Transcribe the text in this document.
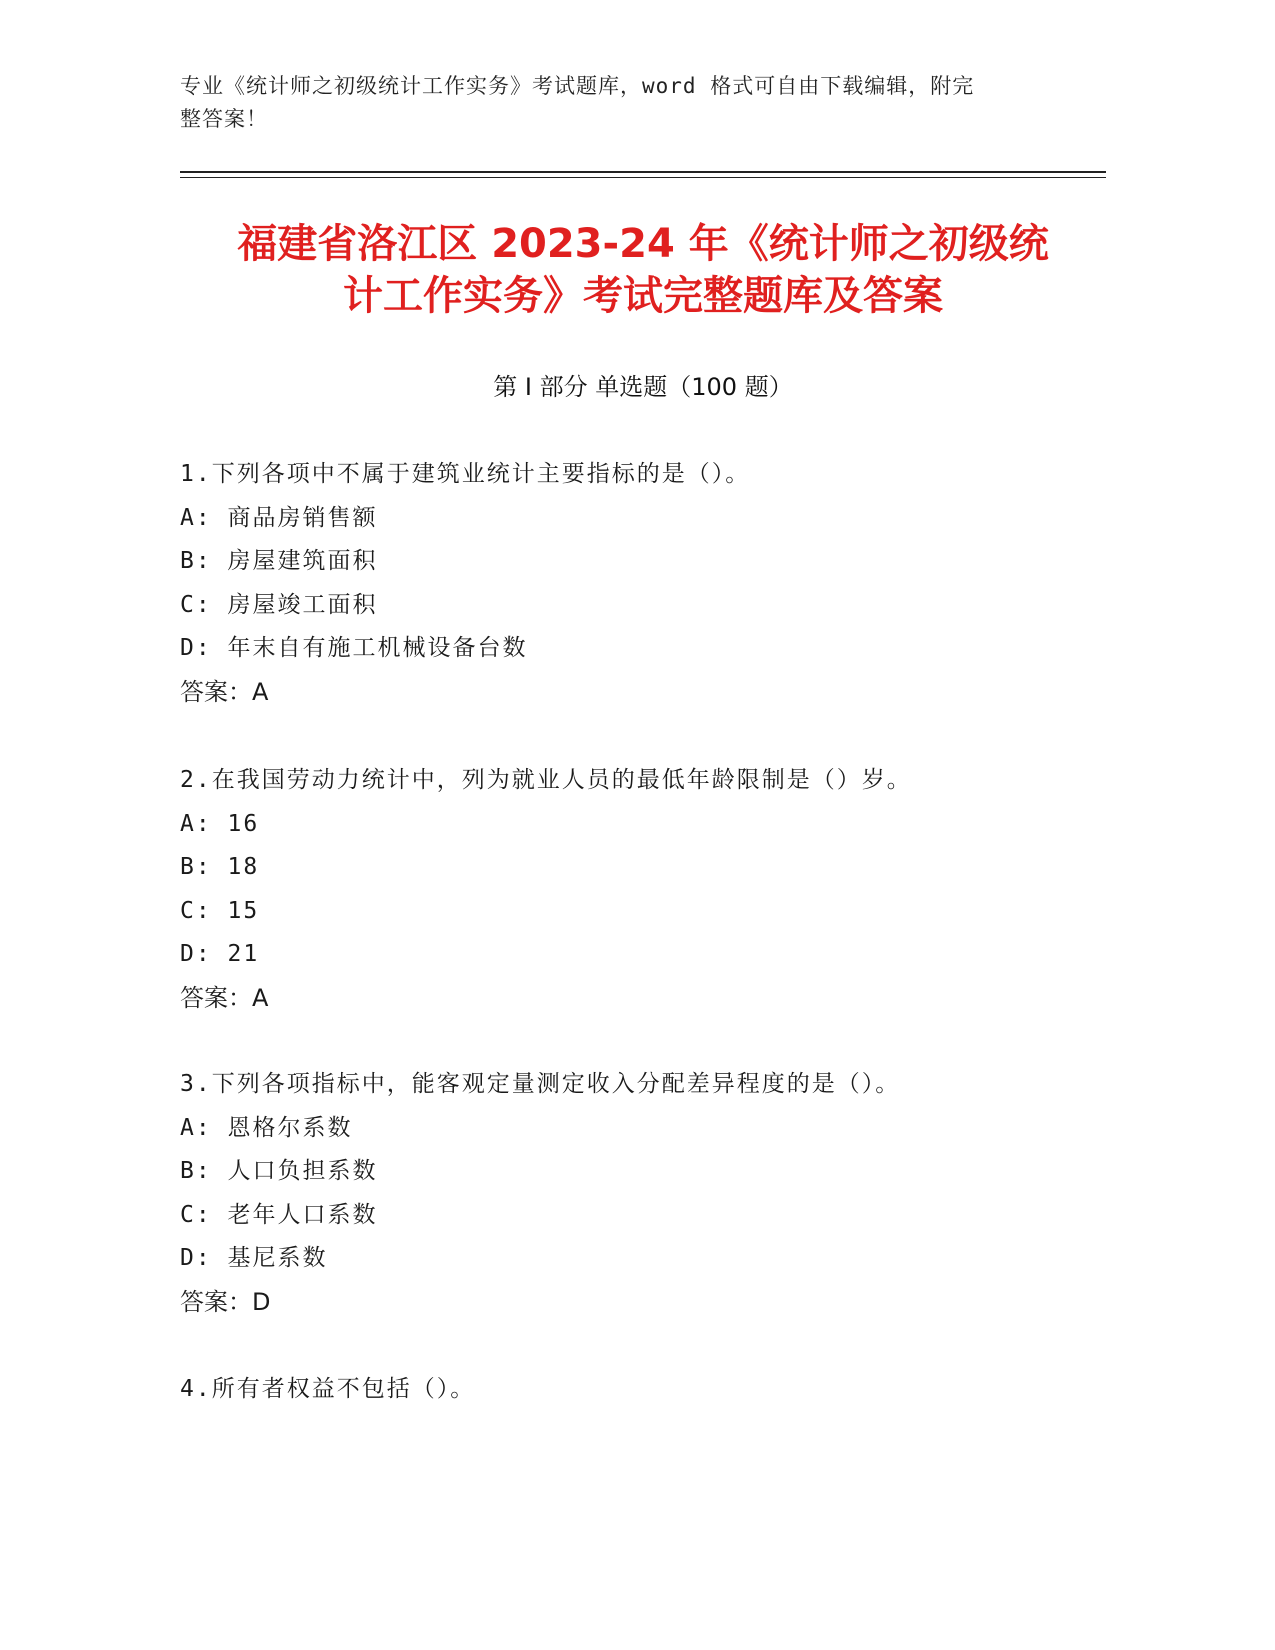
专业《统计师之初级统计工作实务》考试题库，word 格式可自由下载编辑，附完
整答案！
福建省洛江区 2023-24 年《统计师之初级统
计工作实务》考试完整题库及答案
第 I 部分 单选题（100 题）
1.下列各项中不属于建筑业统计主要指标的是（）。
A: 商品房销售额
B: 房屋建筑面积
C: 房屋竣工面积
D: 年末自有施工机械设备台数
答案：A
2.在我国劳动力统计中，列为就业人员的最低年龄限制是（）岁。
A: 16
B: 18
C: 15
D: 21
答案：A
3.下列各项指标中，能客观定量测定收入分配差异程度的是（）。
A: 恩格尔系数
B: 人口负担系数
C: 老年人口系数
D: 基尼系数
答案：D
4.所有者权益不包括（）。
